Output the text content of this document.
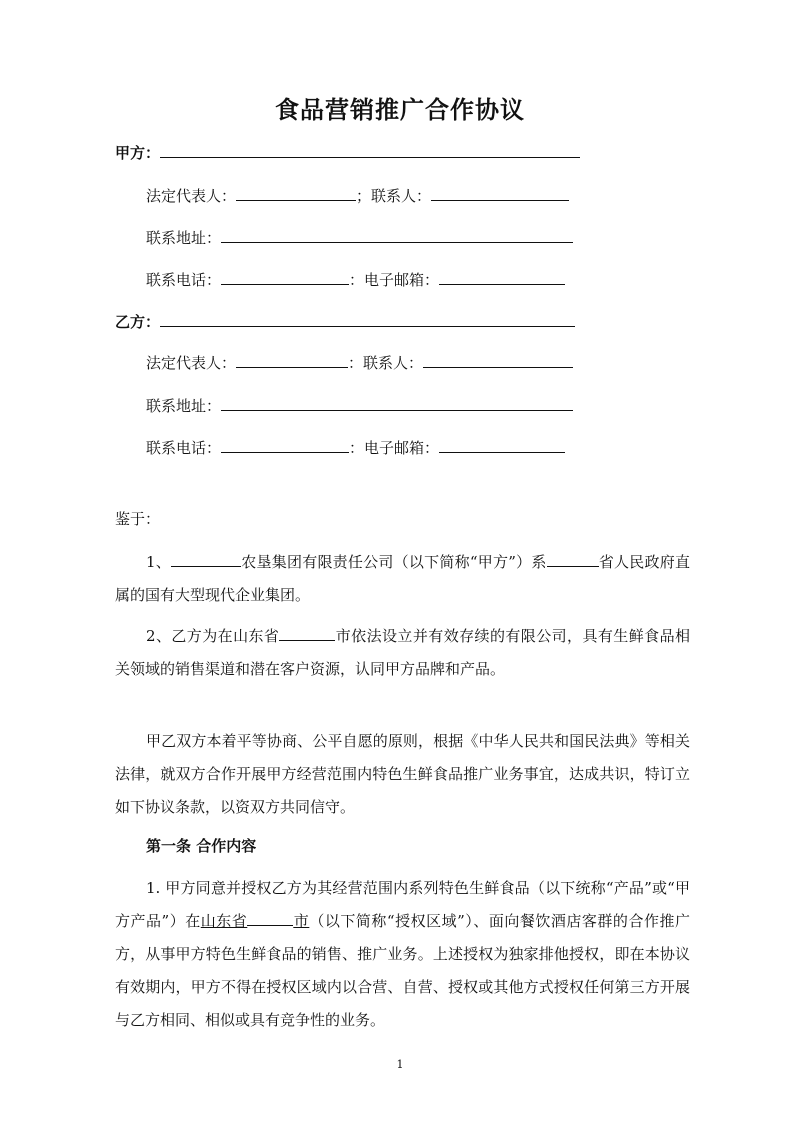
食品营销推广合作协议
甲方：
法定代表人：	；联系人：
联系地址：
联系电话：	：电子邮箱：
乙方：
法定代表人：	：联系人：
联系地址：
联系电话：	：电子邮箱：
鉴于：
1、	农垦集团有限责任公司（以下简称“甲方”）系	省人民政府直属的国有大型现代企业集团。
2、乙方为在山东省	市依法设立并有效存续的有限公司，具有生鲜食品相关领域的销售渠道和潜在客户资源，认同甲方品牌和产品。
甲乙双方本着平等协商、公平自愿的原则，根据《中华人民共和国民法典》等相关法律，就双方合作开展甲方经营范围内特色生鲜食品推广业务事宜，达成共识，特订立如下协议条款，以资双方共同信守。
第一条 合作内容
1. 甲方同意并授权乙方为其经营范围内系列特色生鲜食品（以下统称“产品”或“甲方产品”）在山东省	市（以下简称“授权区域”）、面向餐饮酒店客群的合作推广方，从事甲方特色生鲜食品的销售、推广业务。上述授权为独家排他授权，即在本协议有效期内，甲方不得在授权区域内以合营、自营、授权或其他方式授权任何第三方开展与乙方相同、相似或具有竞争性的业务。
1
